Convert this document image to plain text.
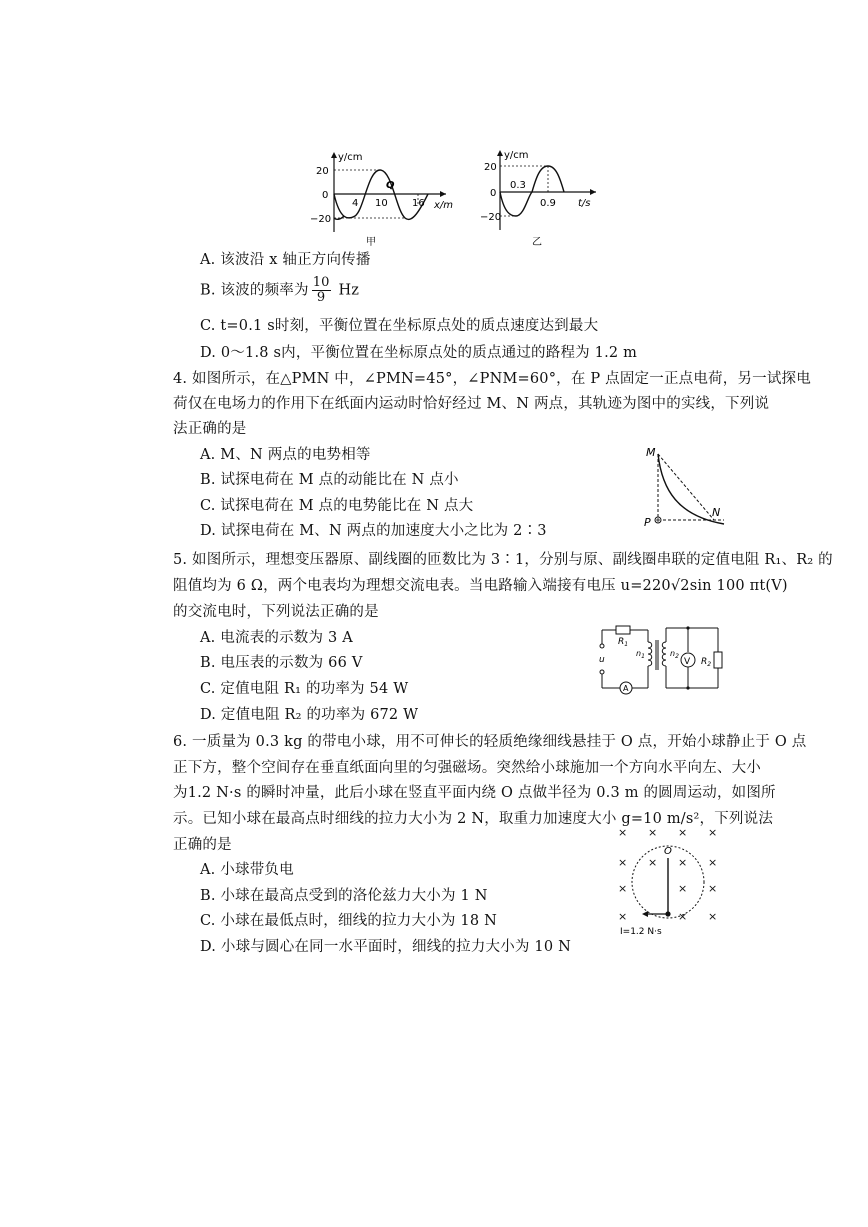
y/cm
x/m
20
0
−20
4 10 16
Q
甲
y/cm
t/s
20
0
−20
0.3
0.9
乙
A. 该波沿 x 轴正方向传播
B. 该波的频率为 $\frac{10}{9}$ Hz
C. t=0.1 s时刻，平衡位置在坐标原点处的质点速度达到最大
D. 0～1.8 s内，平衡位置在坐标原点处的质点通过的路程为 1.2 m
4. 如图所示，在△PMN 中，∠PMN=45°，∠PNM=60°，在 P 点固定一正点电荷，另一试探电
荷仅在电场力的作用下在纸面内运动时恰好经过 M、N 两点，其轨迹为图中的实线，下列说
法正确的是
A. M、N 两点的电势相等
B. 试探电荷在 M 点的动能比在 N 点小
C. 试探电荷在 M 点的电势能比在 N 点大
D. 试探电荷在 M、N 两点的加速度大小之比为 2∶3
M
P
N
5. 如图所示，理想变压器原、副线圈的匝数比为 3∶1，分别与原、副线圈串联的定值电阻 R₁、R₂ 的
阻值均为 6 Ω，两个电表均为理想交流电表。当电路输入端接有电压 u=220√2sin 100 πt(V)
的交流电时，下列说法正确的是
A. 电流表的示数为 3 A
B. 电压表的示数为 66 V
C. 定值电阻 R₁ 的功率为 54 W
D. 定值电阻 R₂ 的功率为 672 W
$R_1$
$n_1$	$n_2$
u	V
A
$R_2$
6. 一质量为 0.3 kg 的带电小球，用不可伸长的轻质绝缘细线悬挂于 O 点，开始小球静止于 O 点
正下方，整个空间存在垂直纸面向里的匀强磁场。突然给小球施加一个方向水平向左、大小
为1.2 N·s 的瞬时冲量，此后小球在竖直平面内绕 O 点做半径为 0.3 m 的圆周运动，如图所
示。已知小球在最高点时细线的拉力大小为 2 N，取重力加速度大小 g=10 m/s²，下列说法
正确的是
A. 小球带负电
B. 小球在最高点受到的洛伦兹力大小为 1 N
C. 小球在最低点时，细线的拉力大小为 18 N
D. 小球与圆心在同一水平面时，细线的拉力大小为 10 N
× × × ×
× × × ×
×	× ×
×	× ×
O
I=1.2 N·s
